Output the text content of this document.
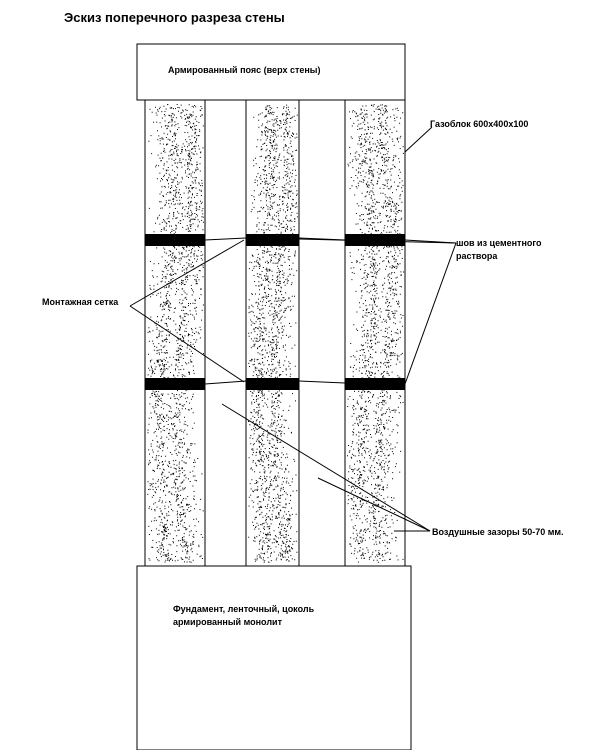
Эскиз поперечного разреза стены
Армированный пояс (верх стены)
Газоблок 600x400x100
шов из цементного
раствора
Монтажная сетка
Воздушные зазоры 50-70 мм.
Фундамент, ленточный, цоколь
армированный монолит
